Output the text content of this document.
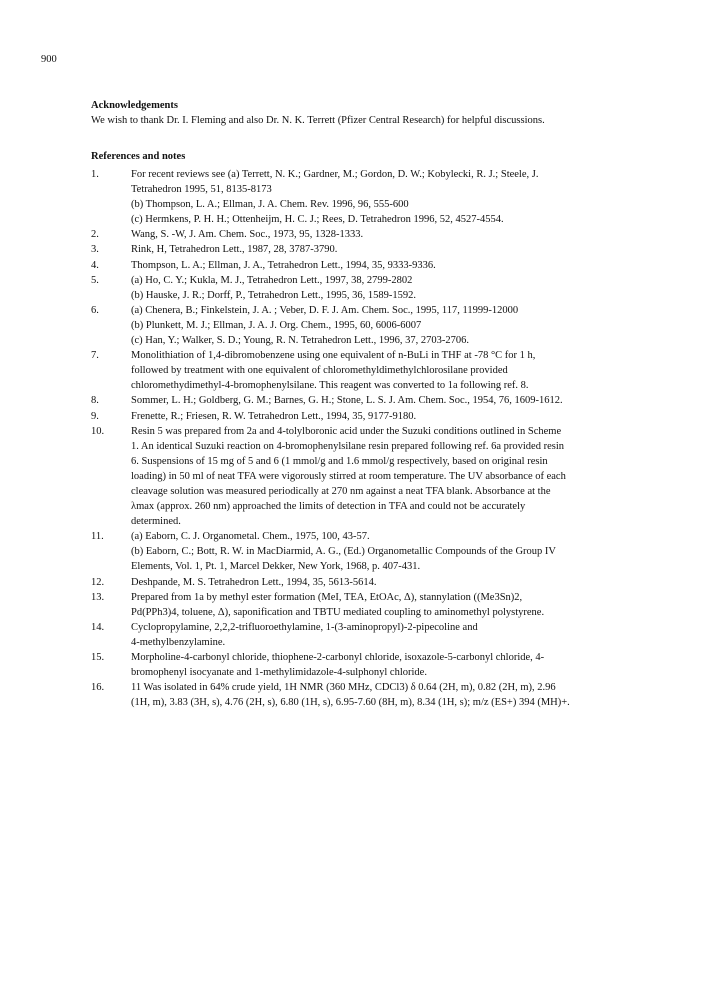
900
Acknowledgements
We wish to thank Dr. I. Fleming and also Dr. N. K. Terrett (Pfizer Central Research) for helpful discussions.
References and notes
1.	For recent reviews see (a) Terrett, N. K.; Gardner, M.; Gordon, D. W.; Kobylecki, R. J.; Steele, J.
Tetrahedron 1995, 51, 8135-8173
(b) Thompson, L. A.; Ellman, J. A. Chem. Rev. 1996, 96, 555-600
(c) Hermkens, P. H. H.; Ottenheijm, H. C. J.; Rees, D. Tetrahedron 1996, 52, 4527-4554.
2.	Wang, S. -W, J. Am. Chem. Soc., 1973, 95, 1328-1333.
3.	Rink, H, Tetrahedron Lett., 1987, 28, 3787-3790.
4.	Thompson, L. A.; Ellman, J. A., Tetrahedron Lett., 1994, 35, 9333-9336.
5.	(a) Ho, C. Y.; Kukla, M. J., Tetrahedron Lett., 1997, 38, 2799-2802
(b) Hauske, J. R.; Dorff, P., Tetrahedron Lett., 1995, 36, 1589-1592.
6.	(a) Chenera, B.; Finkelstein, J. A. ; Veber, D. F. J. Am. Chem. Soc., 1995, 117, 11999-12000
(b) Plunkett, M. J.; Ellman, J. A. J. Org. Chem., 1995, 60, 6006-6007
(c) Han, Y.; Walker, S. D.; Young, R. N. Tetrahedron Lett., 1996, 37, 2703-2706.
7.	Monolithiation of 1,4-dibromobenzene using one equivalent of n-BuLi in THF at -78 °C for 1 h,
followed by treatment with one equivalent of chloromethyldimethylchlorosilane provided
chloromethydimethyl-4-bromophenylsilane. This reagent was converted to 1a following ref. 8.
8.	Sommer, L. H.; Goldberg, G. M.; Barnes, G. H.; Stone, L. S. J. Am. Chem. Soc., 1954, 76, 1609-1612.
9.	Frenette, R.; Friesen, R. W. Tetrahedron Lett., 1994, 35, 9177-9180.
10.	Resin 5 was prepared from 2a and 4-tolylboronic acid under the Suzuki conditions outlined in Scheme
1. An identical Suzuki reaction on 4-bromophenylsilane resin prepared following ref. 6a provided resin
6. Suspensions of 15 mg of 5 and 6 (1 mmol/g and 1.6 mmol/g respectively, based on original resin
loading) in 50 ml of neat TFA were vigorously stirred at room temperature. The UV absorbance of each
cleavage solution was measured periodically at 270 nm against a neat TFA blank. Absorbance at the
λmax (approx. 260 nm) approached the limits of detection in TFA and could not be accurately
determined.
11.	(a) Eaborn, C. J. Organometal. Chem., 1975, 100, 43-57.
(b) Eaborn, C.; Bott, R. W. in MacDiarmid, A. G., (Ed.) Organometallic Compounds of the Group IV
Elements, Vol. 1, Pt. 1, Marcel Dekker, New York, 1968, p. 407-431.
12.	Deshpande, M. S. Tetrahedron Lett., 1994, 35, 5613-5614.
13.	Prepared from 1a by methyl ester formation (MeI, TEA, EtOAc, Δ), stannylation ((Me3Sn)2,
Pd(PPh3)4, toluene, Δ), saponification and TBTU mediated coupling to aminomethyl polystyrene.
14.	Cyclopropylamine, 2,2,2-trifluoroethylamine, 1-(3-aminopropyl)-2-pipecoline and
4-methylbenzylamine.
15.	Morpholine-4-carbonyl chloride, thiophene-2-carbonyl chloride, isoxazole-5-carbonyl chloride, 4-
bromophenyl isocyanate and 1-methylimidazole-4-sulphonyl chloride.
16.	11 Was isolated in 64% crude yield, 1H NMR (360 MHz, CDCl3) δ 0.64 (2H, m), 0.82 (2H, m), 2.96
(1H, m), 3.83 (3H, s), 4.76 (2H, s), 6.80 (1H, s), 6.95-7.60 (8H, m), 8.34 (1H, s); m/z (ES+) 394 (MH)+.
